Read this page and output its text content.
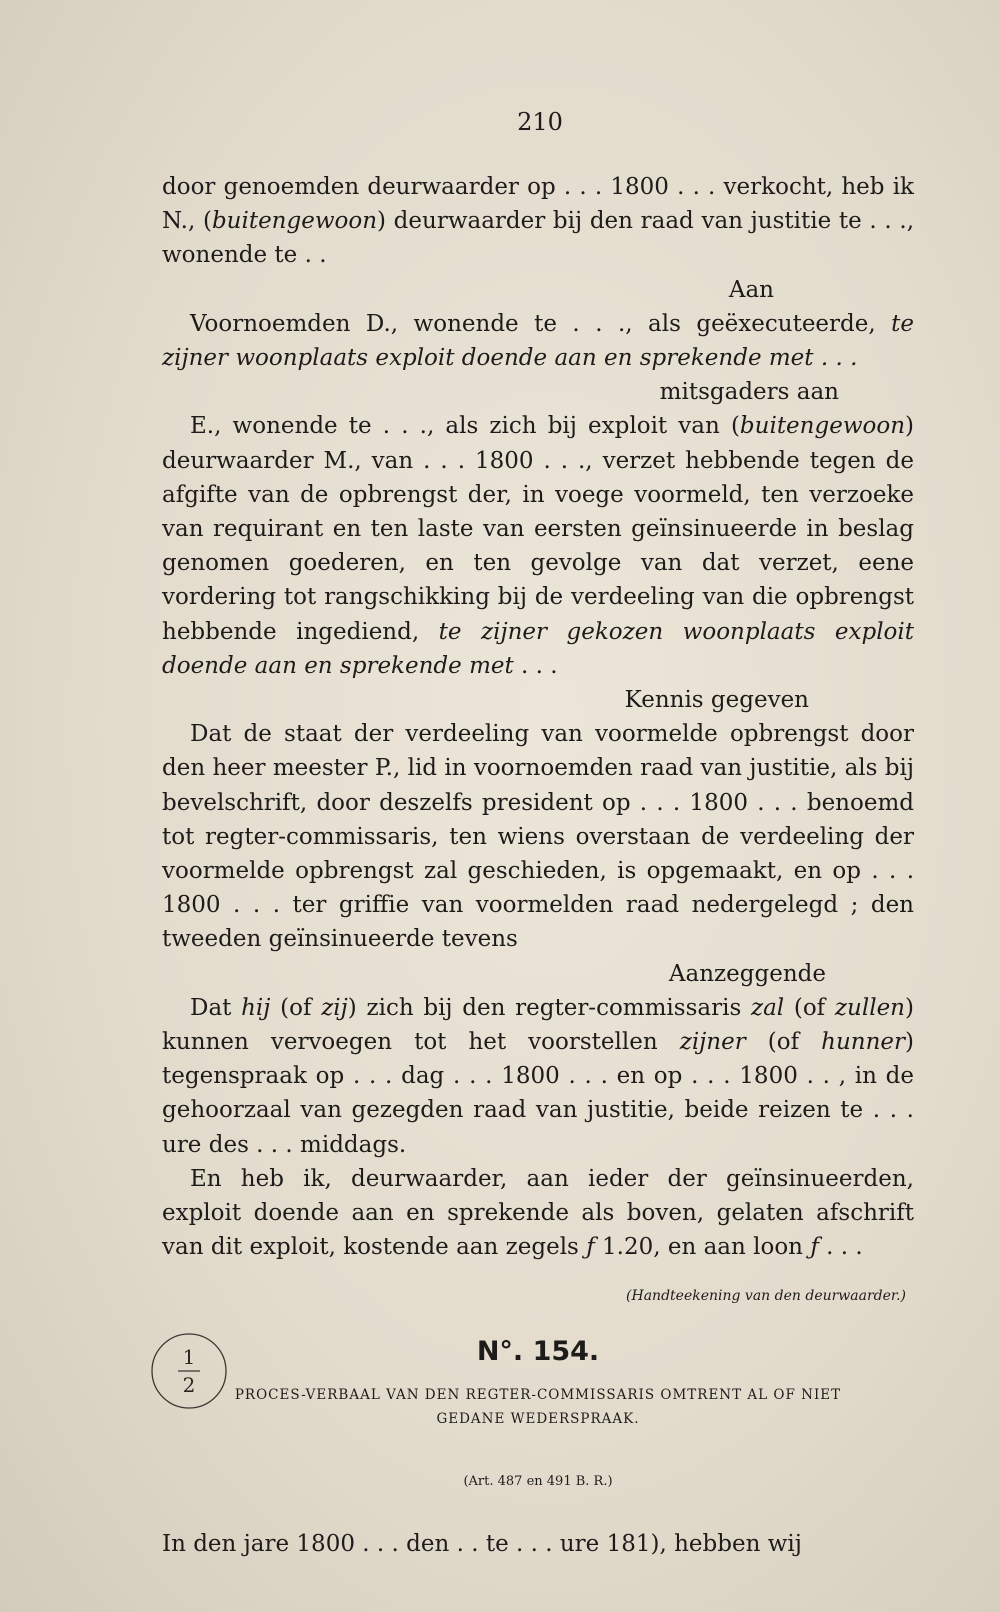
210

door genoemden deurwaarder op . . . 1800 . . . verkocht, heb ik N., (buitengewoon) deurwaarder bij den raad van justitie te . . ., wonende te . .

Aan

Voornoemden D., wonende te . . ., als geëxecuteerde, te zijner woonplaats exploit doende aan en sprekende met . . .

mitsgaders aan

E., wonende te . . ., als zich bij exploit van (buitengewoon) deurwaarder M., van . . . 1800 . . ., verzet hebbende tegen de afgifte van de opbrengst der, in voege voormeld, ten verzoeke van requirant en ten laste van eersten geïnsinueerde in beslag genomen goederen, en ten gevolge van dat verzet, eene vordering tot rangschikking bij de verdeeling van die opbrengst hebbende ingediend, te zijner gekozen woonplaats exploit doende aan en sprekende met . . .

Kennis gegeven

Dat de staat der verdeeling van voormelde opbrengst door den heer meester P., lid in voornoemden raad van justitie, als bij bevelschrift, door deszelfs president op . . . 1800 . . . benoemd tot regter-commissaris, ten wiens overstaan de verdeeling der voormelde opbrengst zal geschieden, is opgemaakt, en op . . . 1800 . . . ter griffie van voormelden raad nedergelegd ; den tweeden geïnsinueerde tevens

Aanzeggende

Dat hij (of zij) zich bij den regter-commissaris zal (of zullen) kunnen vervoegen tot het voorstellen zijner (of hunner) tegenspraak op . . . dag . . . 1800 . . . en op . . . 1800 . . , in de gehoorzaal van gezegden raad van justitie, beide reizen te . . . ure des . . . middags.

En heb ik, deurwaarder, aan ieder der geïnsinueerden, exploit doende aan en sprekende als boven, gelaten afschrift van dit exploit, kostende aan zegels ƒ 1.20, en aan loon ƒ . . .

(Handteekening van den deurwaarder.)

N°. 154.

PROCES-VERBAAL VAN DEN REGTER-COMMISSARIS OMTRENT AL OF NIET

GEDANE WEDERSPRAAK.

(Art. 487 en 491 B. R.)

In den jare 1800 . . . den . . te . . . ure 181), hebben wij

1
2
